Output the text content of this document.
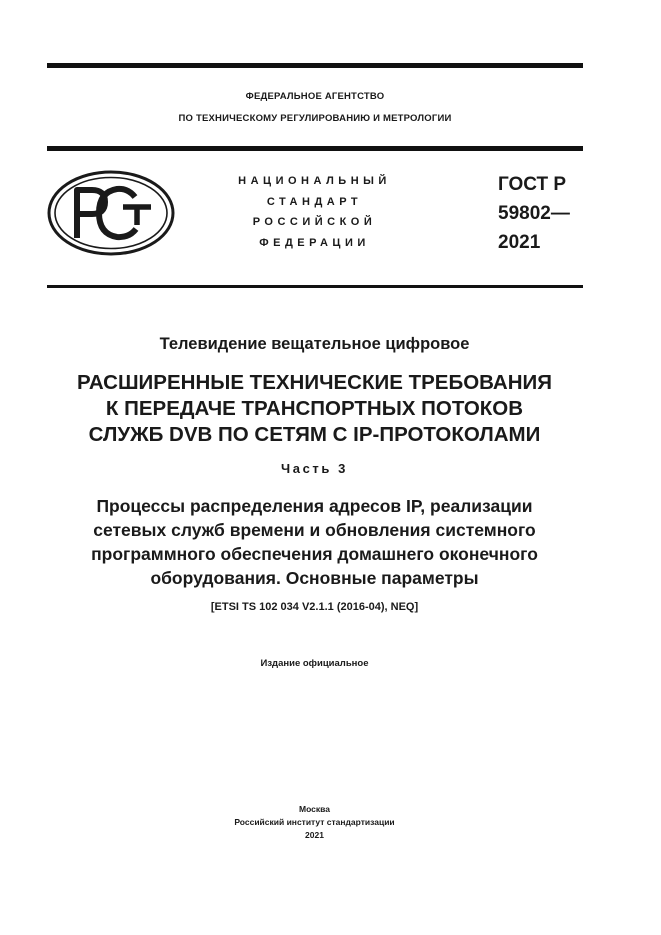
ФЕДЕРАЛЬНОЕ АГЕНТСТВО
ПО ТЕХНИЧЕСКОМУ РЕГУЛИРОВАНИЮ И МЕТРОЛОГИИ
НАЦИОНАЛЬНЫЙ
СТАНДАРТ
РОССИЙСКОЙ
ФЕДЕРАЦИИ
ГОСТ Р
59802—
2021
Телевидение вещательное цифровое
РАСШИРЕННЫЕ ТЕХНИЧЕСКИЕ ТРЕБОВАНИЯ
К ПЕРЕДАЧЕ ТРАНСПОРТНЫХ ПОТОКОВ
СЛУЖБ DVB ПО СЕТЯМ С IP-ПРОТОКОЛАМИ
Часть 3
Процессы распределения адресов IP, реализации
сетевых служб времени и обновления системного
программного обеспечения домашнего оконечного
оборудования. Основные параметры
[ETSI TS 102 034 V2.1.1 (2016-04), NEQ]
Издание официальное
Москва
Российский институт стандартизации
2021
